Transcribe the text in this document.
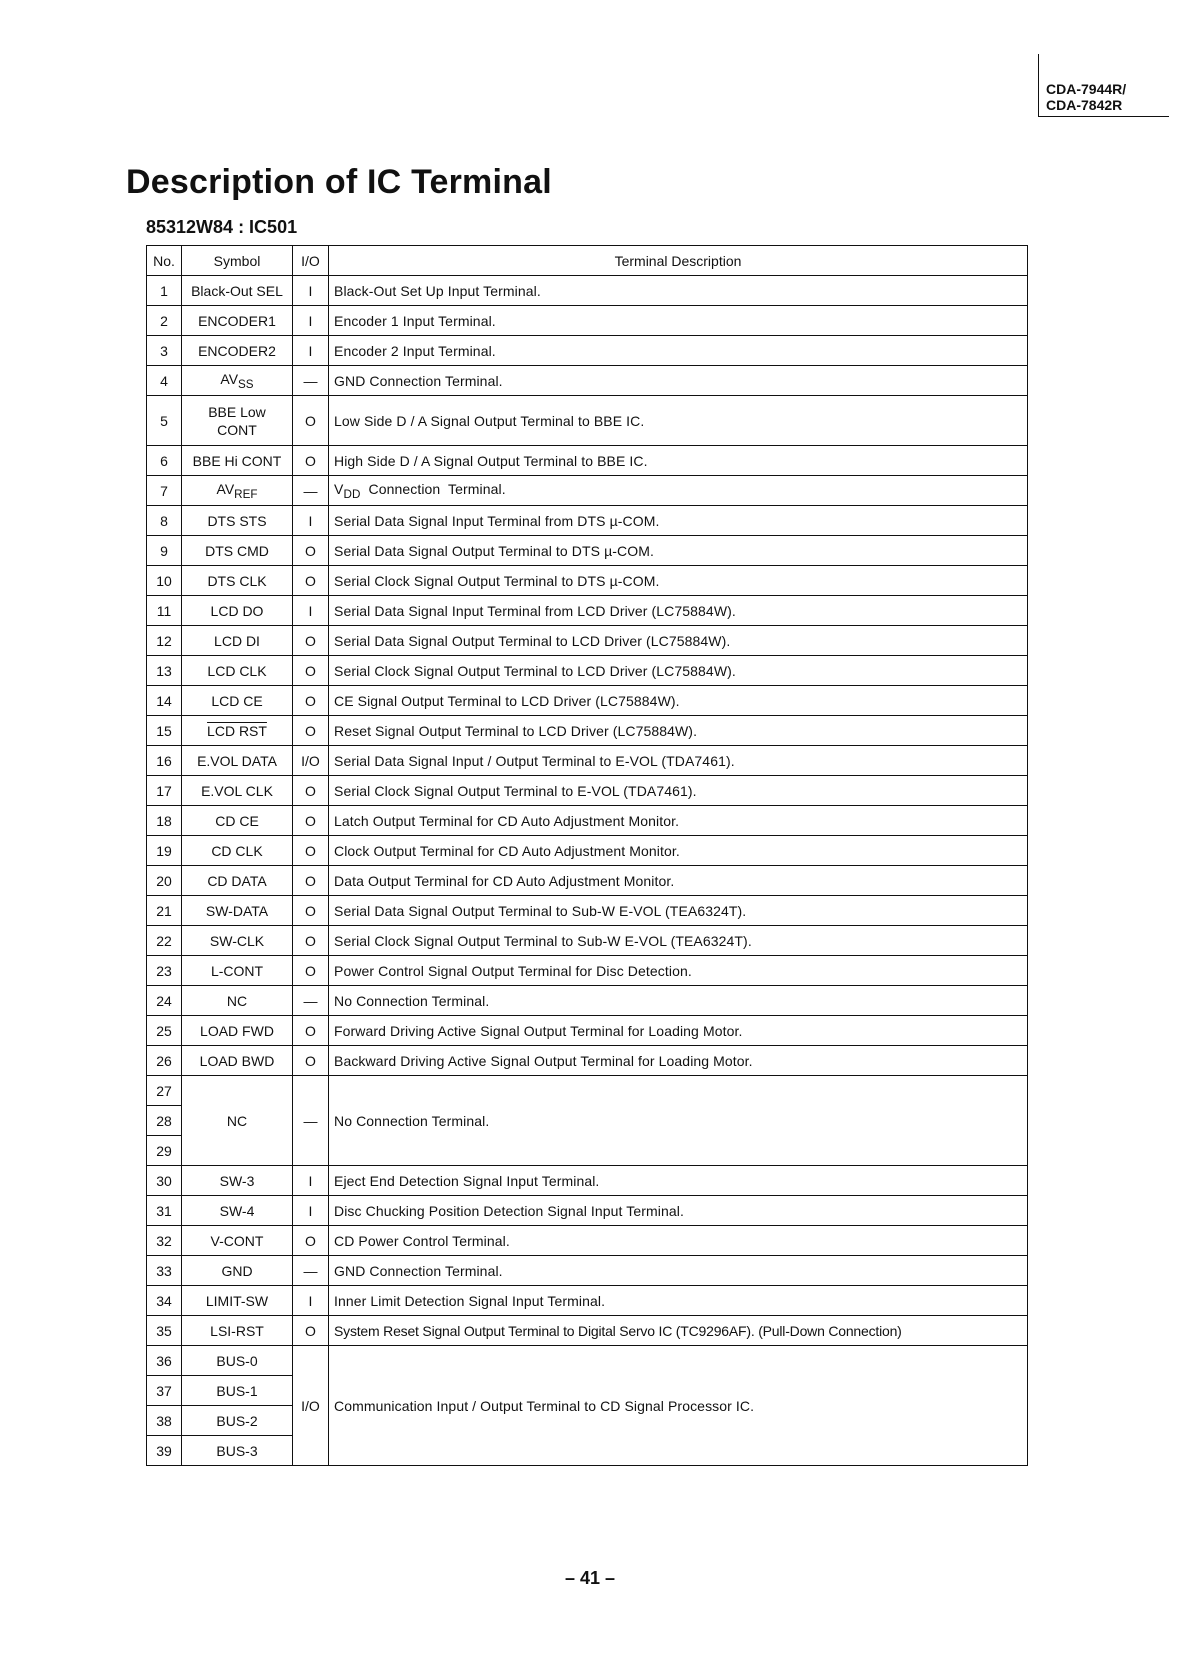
CDA-7944R/
CDA-7842R
Description of IC Terminal
85312W84 : IC501
No.	Symbol	I/O	Terminal Description
1	Black-Out SEL	I	Black-Out Set Up Input Terminal.
2	ENCODER1	I	Encoder 1 Input Terminal.
3	ENCODER2	I	Encoder 2 Input Terminal.
4	$AV_{SS}$	—	GND Connection Terminal.
5	BBE Low
CONT	O	Low Side D / A Signal Output Terminal to BBE IC.
6	BBE Hi CONT	O	High Side D / A Signal Output Terminal to BBE IC.
7	$AV_{REF}$	—	$V_{DD}$  Connection  Terminal.
8	DTS STS	I	Serial Data Signal Input Terminal from DTS µ-COM.
9	DTS CMD	O	Serial Data Signal Output Terminal to DTS µ-COM.
10	DTS CLK	O	Serial Clock Signal Output Terminal to DTS µ-COM.
11	LCD DO	I	Serial Data Signal Input Terminal from LCD Driver (LC75884W).
12	LCD DI	O	Serial Data Signal Output Terminal to LCD Driver (LC75884W).
13	LCD CLK	O	Serial Clock Signal Output Terminal to LCD Driver (LC75884W).
14	LCD CE	O	CE Signal Output Terminal to LCD Driver (LC75884W).
15	LCD RST	O	Reset Signal Output Terminal to LCD Driver (LC75884W).
16	E.VOL DATA	I/O	Serial Data Signal Input / Output Terminal to E-VOL (TDA7461).
17	E.VOL CLK	O	Serial Clock Signal Output Terminal to E-VOL (TDA7461).
18	CD CE	O	Latch Output Terminal for CD Auto Adjustment Monitor.
19	CD CLK	O	Clock Output Terminal for CD Auto Adjustment Monitor.
20	CD DATA	O	Data Output Terminal for CD Auto Adjustment Monitor.
21	SW-DATA	O	Serial Data Signal Output Terminal to Sub-W E-VOL (TEA6324T).
22	SW-CLK	O	Serial Clock Signal Output Terminal to Sub-W E-VOL (TEA6324T).
23	L-CONT	O	Power Control Signal Output Terminal for Disc Detection.
24	NC	—	No Connection Terminal.
25	LOAD FWD	O	Forward Driving Active Signal Output Terminal for Loading Motor.
26	LOAD BWD	O	Backward Driving Active Signal Output Terminal for Loading Motor.
27	NC	—	No Connection Terminal.
28			
29			
30	SW-3	I	Eject End Detection Signal Input Terminal.
31	SW-4	I	Disc Chucking Position Detection Signal Input Terminal.
32	V-CONT	O	CD Power Control Terminal.
33	GND	—	GND Connection Terminal.
34	LIMIT-SW	I	Inner Limit Detection Signal Input Terminal.
35	LSI-RST	O	System Reset Signal Output Terminal to Digital Servo IC (TC9296AF). (Pull-Down Connection)
36	BUS-0	I/O	Communication Input / Output Terminal to CD Signal Processor IC.
37	BUS-1		
38	BUS-2		
39	BUS-3		
– 41 –
